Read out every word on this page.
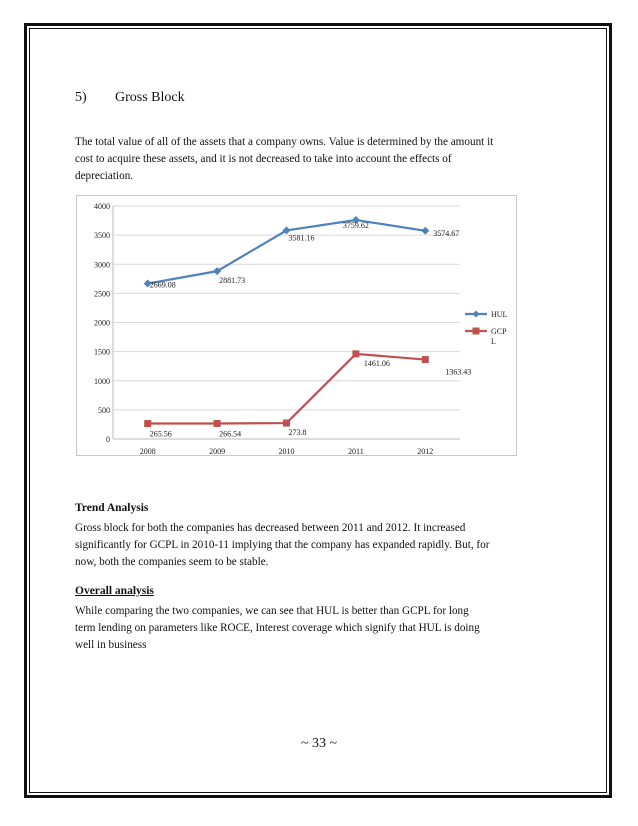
5) Gross Block
The total value of all of the assets that a company owns. Value is determined by the amount it
cost to acquire these assets, and it is not decreased to take into account the effects of
depreciation.
0
500
1000
1500
2000
2500
3000
3500
4000
2008	2009	2010	2011	2012
2669.08	2881.73
3581.16
3759.62
3574.67
265.56	266.54	273.8
1461.06
1363.43
HUL
GCP
L
Trend Analysis
Gross block for both the companies has decreased between 2011 and 2012. It increased
significantly for GCPL in 2010-11 implying that the company has expanded rapidly. But, for
now, both the companies seem to be stable.
Overall analysis
While comparing the two companies, we can see that HUL is better than GCPL for long
term lending on parameters like ROCE, Interest coverage which signify that HUL is doing
well in business
~ 33 ~
